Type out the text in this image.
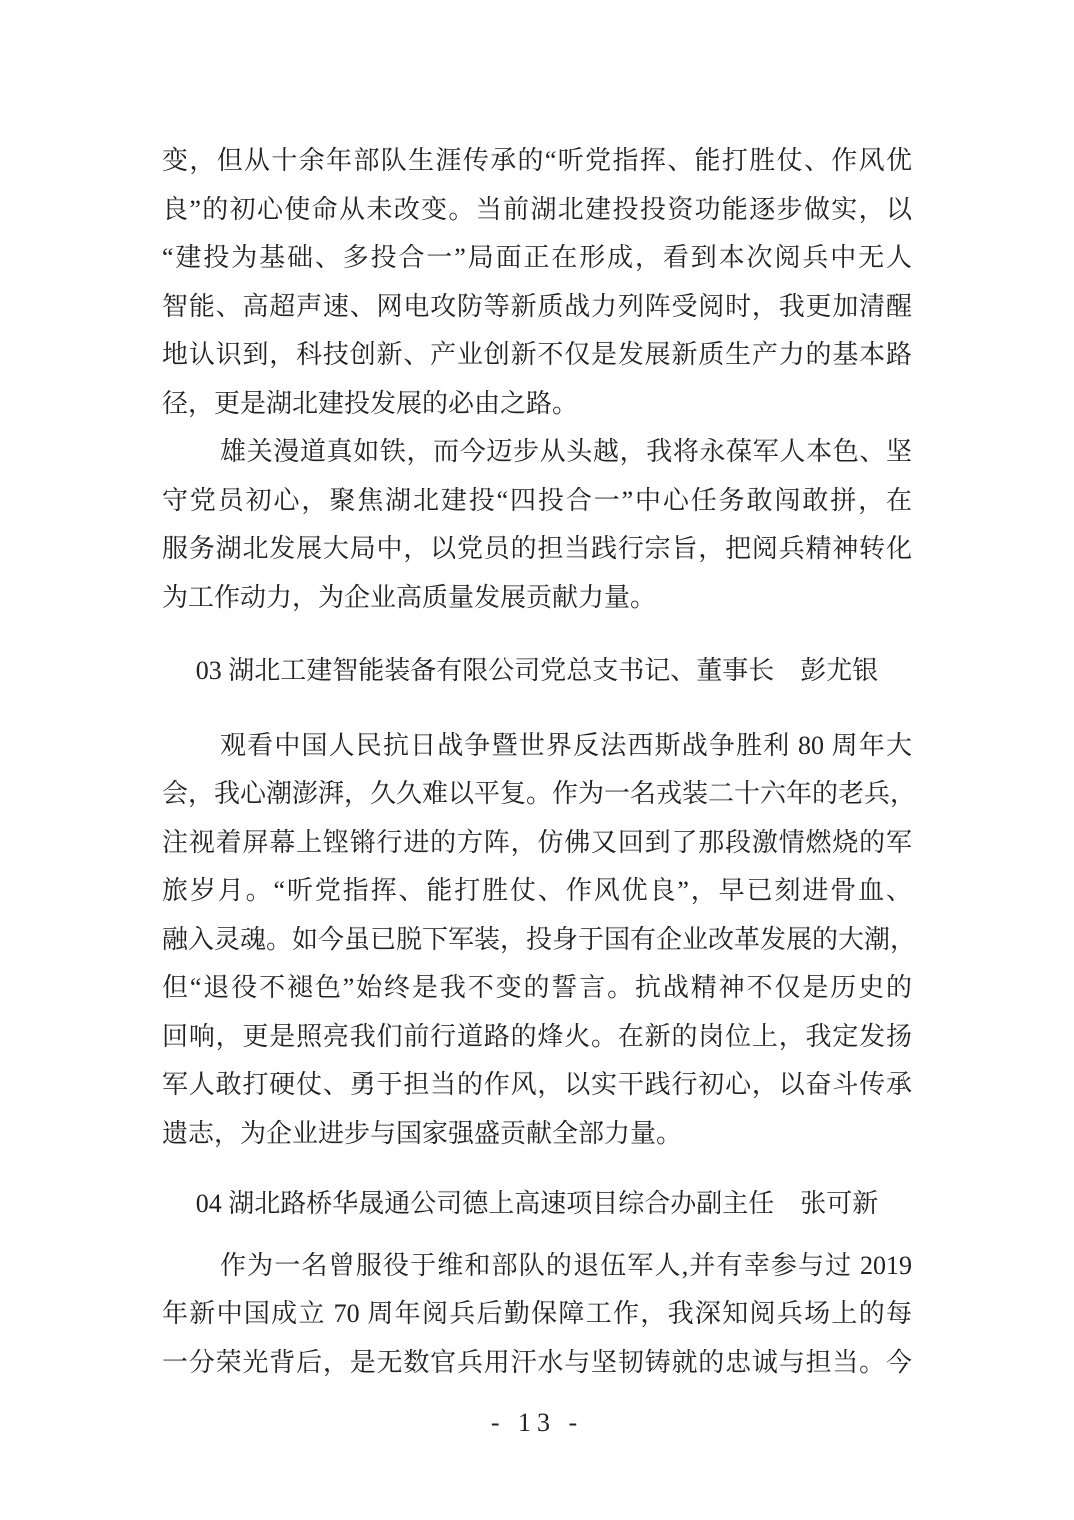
变，但从十余年部队生涯传承的“听党指挥、能打胜仗、作风优
良”的初心使命从未改变。当前湖北建投投资功能逐步做实，以
“建投为基础、多投合一”局面正在形成，看到本次阅兵中无人
智能、高超声速、网电攻防等新质战力列阵受阅时，我更加清醒
地认识到，科技创新、产业创新不仅是发展新质生产力的基本路
径，更是湖北建投发展的必由之路。
雄关漫道真如铁，而今迈步从头越，我将永葆军人本色、坚
守党员初心，聚焦湖北建投“四投合一”中心任务敢闯敢拼，在
服务湖北发展大局中，以党员的担当践行宗旨，把阅兵精神转化
为工作动力，为企业高质量发展贡献力量。
03 湖北工建智能装备有限公司党总支书记、董事长　彭尤银
观看中国人民抗日战争暨世界反法西斯战争胜利 80 周年大
会，我心潮澎湃，久久难以平复。作为一名戎装二十六年的老兵，
注视着屏幕上铿锵行进的方阵，仿佛又回到了那段激情燃烧的军
旅岁月。“听党指挥、能打胜仗、作风优良”，早已刻进骨血、
融入灵魂。如今虽已脱下军装，投身于国有企业改革发展的大潮，
但“退役不褪色”始终是我不变的誓言。抗战精神不仅是历史的
回响，更是照亮我们前行道路的烽火。在新的岗位上，我定发扬
军人敢打硬仗、勇于担当的作风，以实干践行初心，以奋斗传承
遗志，为企业进步与国家强盛贡献全部力量。
04 湖北路桥华晟通公司德上高速项目综合办副主任　张可新
作为一名曾服役于维和部队的退伍军人,并有幸参与过 2019
年新中国成立 70 周年阅兵后勤保障工作，我深知阅兵场上的每
一分荣光背后，是无数官兵用汗水与坚韧铸就的忠诚与担当。今
- 13 -
